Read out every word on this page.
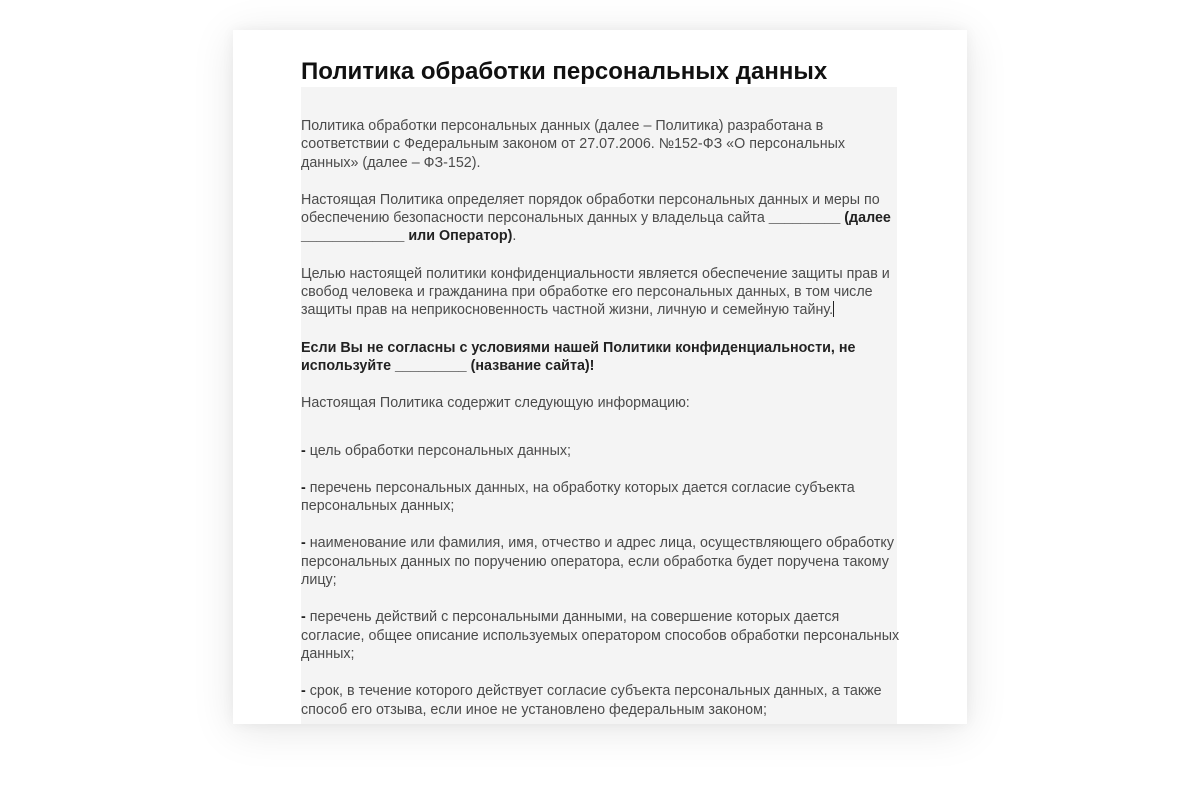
Политика обработки персональных данных

Политика обработки персональных данных (далее – Политика) разработана в соответствии с Федеральным законом от 27.07.2006. №152-ФЗ «О персональных данных» (далее – ФЗ-152).

Настоящая Политика определяет порядок обработки персональных данных и меры по обеспечению безопасности персональных данных у владельца сайта _________ (далее _____________ или Оператор).

Целью настоящей политики конфиденциальности является обеспечение защиты прав и свобод человека и гражданина при обработке его персональных данных, в том числе защиты прав на неприкосновенность частной жизни, личную и семейную тайну.

Если Вы не согласны с условиями нашей Политики конфиденциальности, не используйте _________ (название сайта)!

Настоящая Политика содержит следующую информацию:

- цель обработки персональных данных;

- перечень персональных данных, на обработку которых дается согласие субъекта персональных данных;

- наименование или фамилия, имя, отчество и адрес лица, осуществляющего обработку персональных данных по поручению оператора, если обработка будет поручена такому лицу;

- перечень действий с персональными данными, на совершение которых дается согласие, общее описание используемых оператором способов обработки персональных данных;

- срок, в течение которого действует согласие субъекта персональных данных, а также способ его отзыва, если иное не установлено федеральным законом;
